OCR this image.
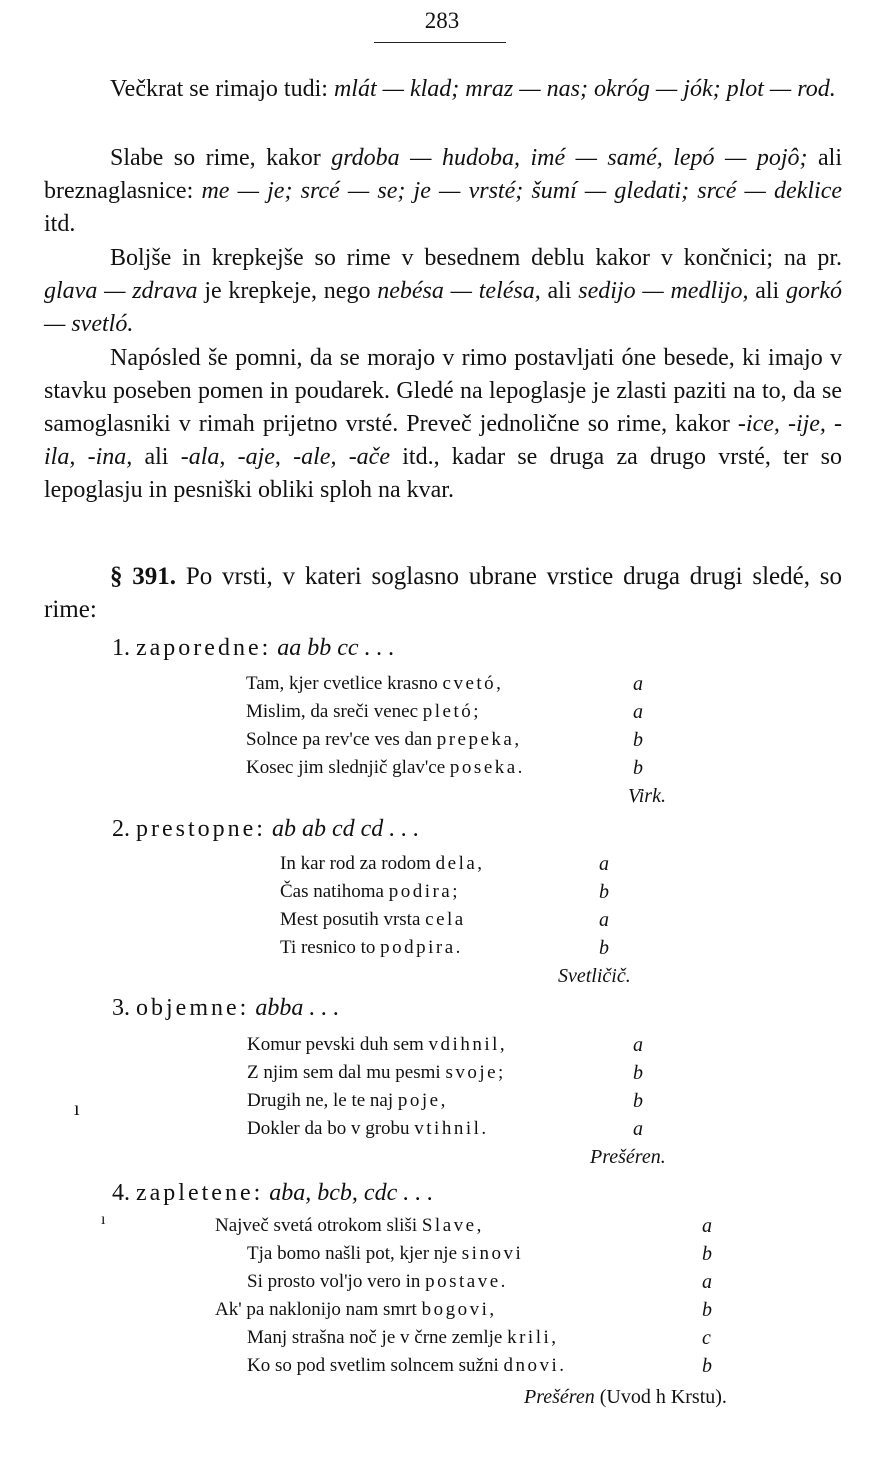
283
Večkrat se rimajo tudi: mlát — klad; mraz — nas; okróg — jók; plot — rod.
Slabe so rime, kakor grdoba — hudoba, imé — samé, lepó — pojô; ali breznaglasnice: me — je; srcé — se; je — vrsté; šumí — gledati; srcé — deklice itd.
Boljše in krepkejše so rime v besednem deblu kakor v končnici; na pr. glava — zdrava je krepkeje, nego nebésa — telésa, ali sedijo — medlijo, ali gorkó — svetló.
Napósled še pomni, da se morajo v rimo postavljati óne besede, ki imajo v stavku poseben pomen in poudarek. Gledé na lepoglasje je zlasti paziti na to, da se samoglasniki v rimah prijetno vrsté. Preveč jednolične so rime, kakor -ice, -ije, -ila, -ina, ali -ala, -aje, -ale, -ače itd., kadar se druga za drugo vrsté, ter so lepoglasju in pesniški obliki sploh na kvar.
§ 391. Po vrsti, v kateri soglasno ubrane vrstice druga drugi sledé, so rime:
1. zaporedne: aa bb cc . . .
Tam, kjer cvetlice krasno cvetó,	a
Mislim, da sreči venec pletó;	a
Solnce pa rev'ce ves dan prepeka,	b
Kosec jim slednjič glav'ce poseka.	b
Virk.
2. prestopne: ab ab cd cd . . .
In kar rod za rodom dela,	a
Čas natihoma podira;	b
Mest posutih vrsta cela	a
Ti resnico to podpira.	b
Svetličič.
3. objemne: abba . . .
Komur pevski duh sem vdihnil,	a
Z njim sem dal mu pesmi svoje;	b
Drugih ne, le te naj poje,	b
Dokler da bo v grobu vtihnil.	a
Prešéren.
ı
4. zapletene: aba, bcb, cdc . . .
Največ svetá otrokom sliši Slave,	a
Tja bomo našli pot, kjer nje sinovi	b
Si prosto vol'jo vero in postave.	a
Ak' pa naklonijo nam smrt bogovi,	b
Manj strašna noč je v črne zemlje krili,	c
Ko so pod svetlim solncem sužni dnovi.	b
Prešéren (Uvod h Krstu).
ı
